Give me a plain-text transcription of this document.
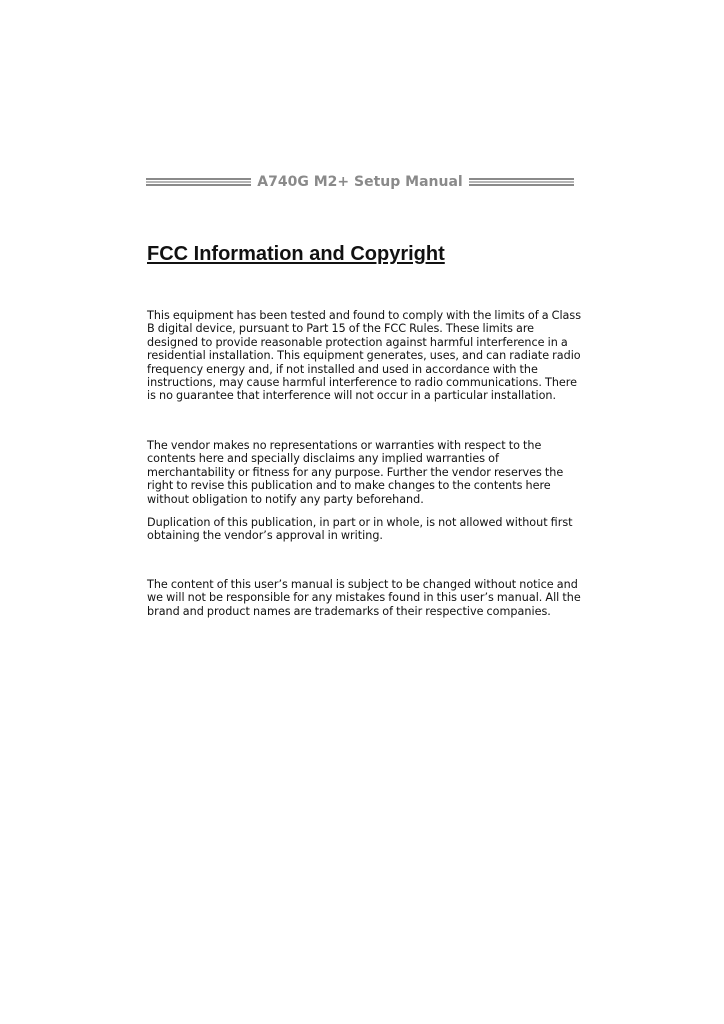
A740G M2+ Setup Manual
FCC Information and Copyright

This equipment has been tested and found to comply with the limits of a Class B digital device, pursuant to Part 15 of the FCC Rules. These limits are designed to provide reasonable protection against harmful interference in a residential installation. This equipment generates, uses, and can radiate radio frequency energy and, if not installed and used in accordance with the instructions, may cause harmful interference to radio communications. There is no guarantee that interference will not occur in a particular installation.

The vendor makes no representations or warranties with respect to the contents here and specially disclaims any implied warranties of merchantability or fitness for any purpose. Further the vendor reserves the right to revise this publication and to make changes to the contents here without obligation to notify any party beforehand.

Duplication of this publication, in part or in whole, is not allowed without first obtaining the vendor’s approval in writing.

The content of this user’s manual is subject to be changed without notice and we will not be responsible for any mistakes found in this user’s manual. All the brand and product names are trademarks of their respective companies.
